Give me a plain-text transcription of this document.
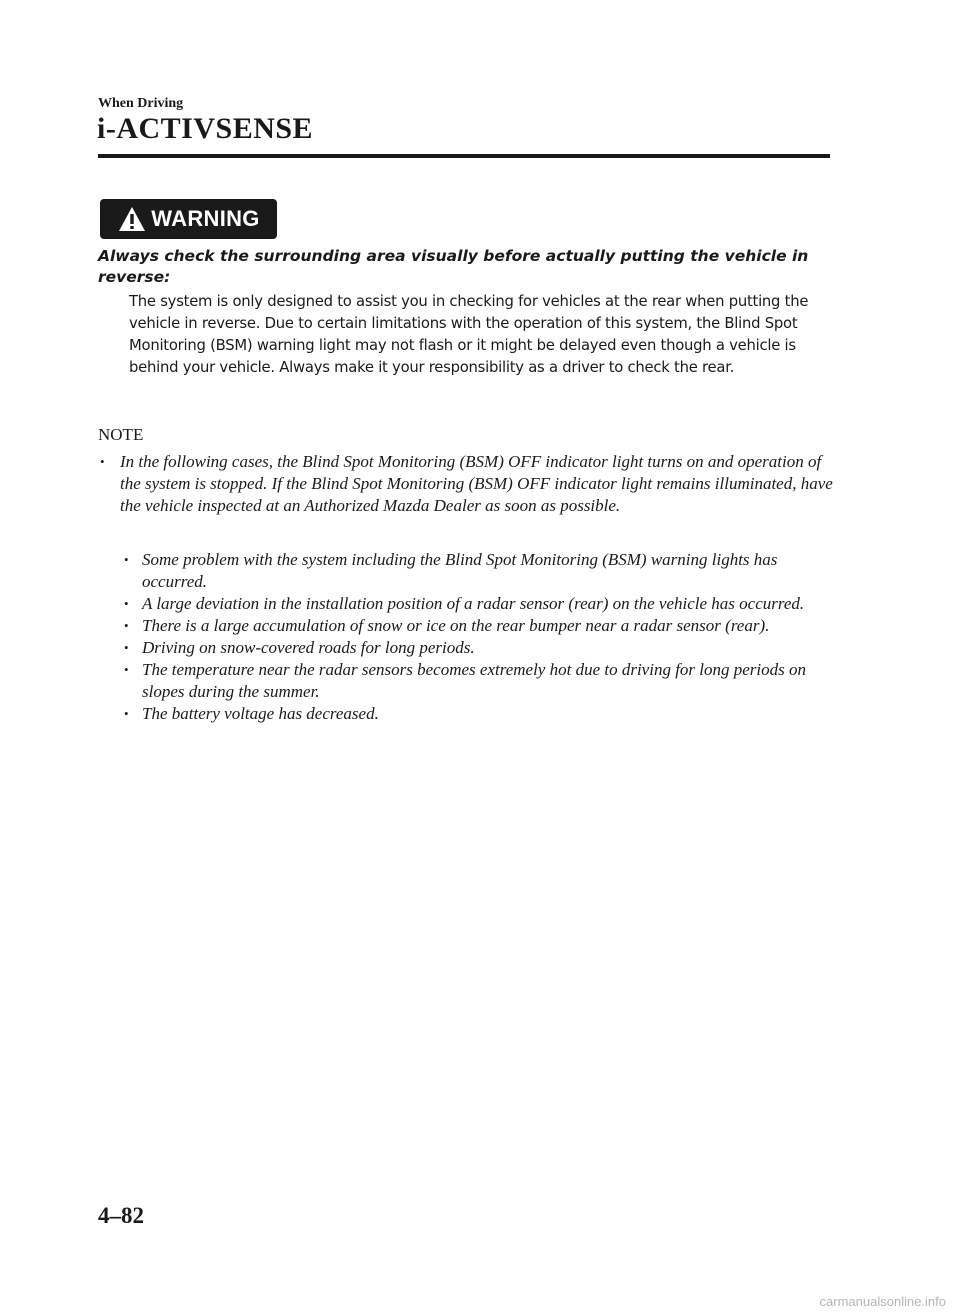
When Driving
i-ACTIVSENSE
WARNING
Always check the surrounding area visually before actually putting the vehicle in reverse:
The system is only designed to assist you in checking for vehicles at the rear when putting the vehicle in reverse. Due to certain limitations with the operation of this system, the Blind Spot Monitoring (BSM) warning light may not flash or it might be delayed even though a vehicle is behind your vehicle. Always make it your responsibility as a driver to check the rear.
NOTE
• In the following cases, the Blind Spot Monitoring (BSM) OFF indicator light turns on and operation of the system is stopped. If the Blind Spot Monitoring (BSM) OFF indicator light remains illuminated, have the vehicle inspected at an Authorized Mazda Dealer as soon as possible.
• Some problem with the system including the Blind Spot Monitoring (BSM) warning lights has occurred.
• A large deviation in the installation position of a radar sensor (rear) on the vehicle has occurred.
• There is a large accumulation of snow or ice on the rear bumper near a radar sensor (rear).
• Driving on snow-covered roads for long periods.
• The temperature near the radar sensors becomes extremely hot due to driving for long periods on slopes during the summer.
• The battery voltage has decreased.
4–82
carmanualsonline.info
